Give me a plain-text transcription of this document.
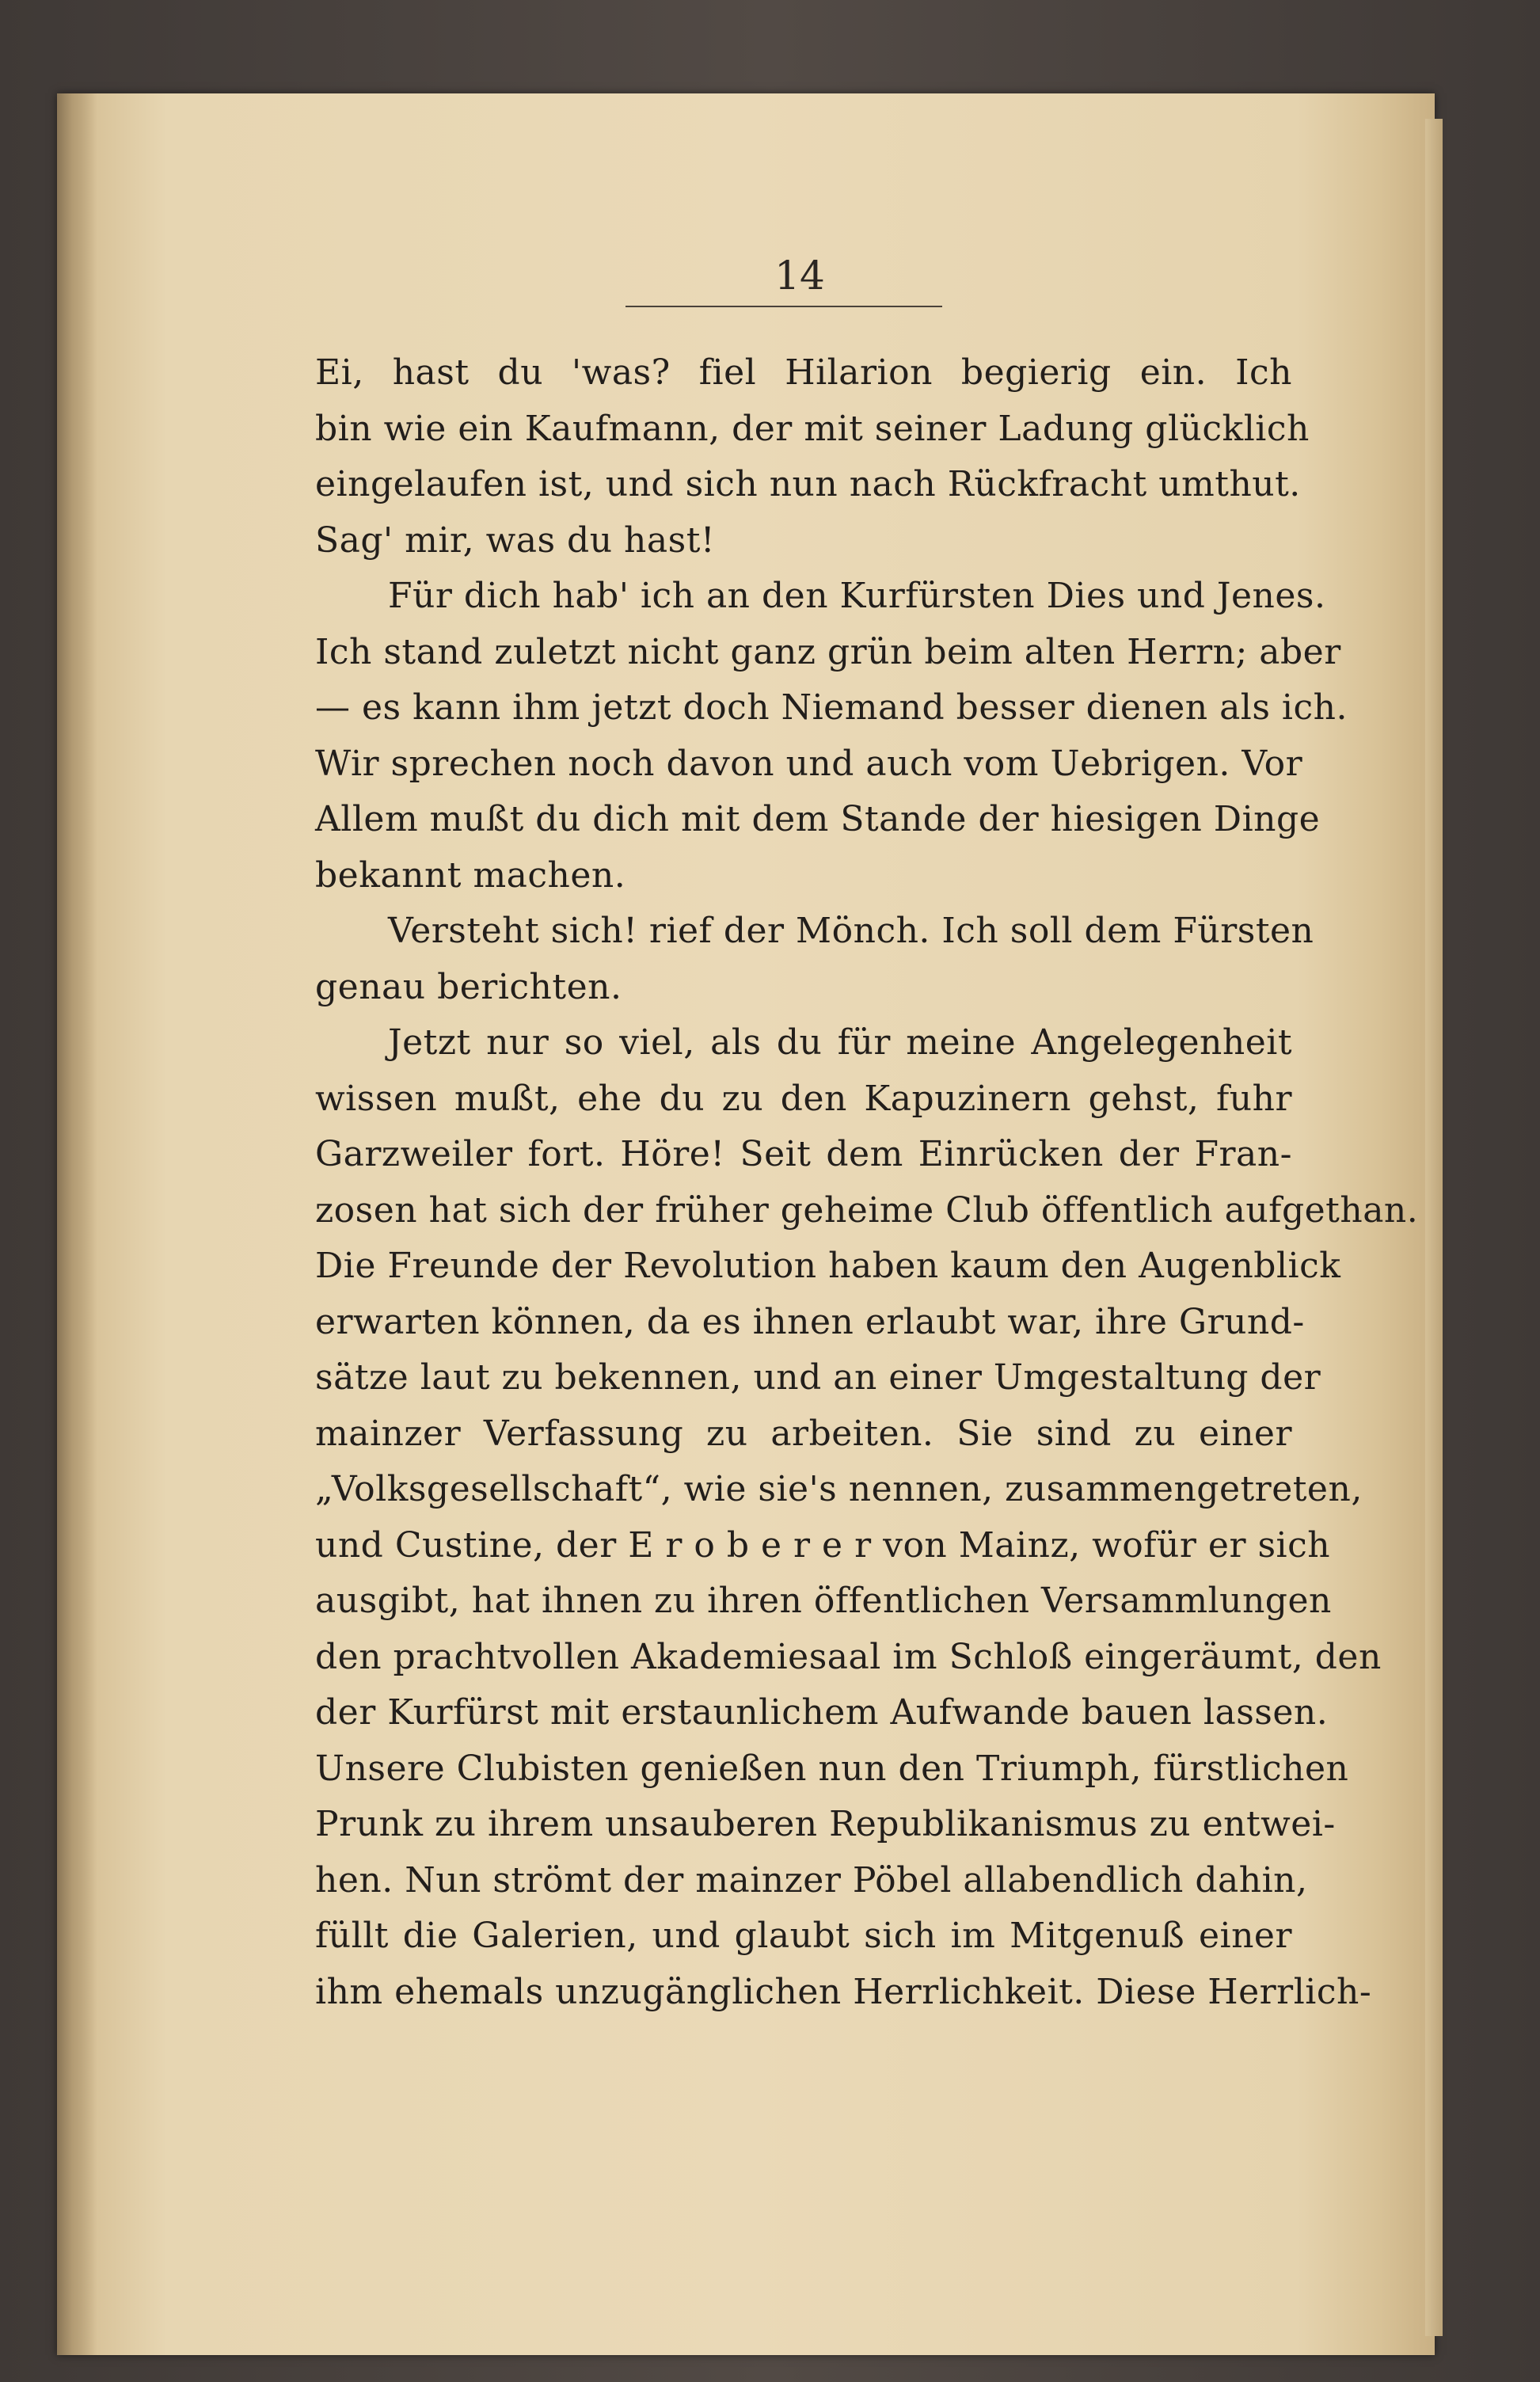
14
Ei, hast du 'was? fiel Hilarion begierig ein. Ich
bin wie ein Kaufmann, der mit seiner Ladung glücklich
eingelaufen ist, und sich nun nach Rückfracht umthut.
Sag' mir, was du hast!
Für dich hab' ich an den Kurfürsten Dies und Jenes.
Ich stand zuletzt nicht ganz grün beim alten Herrn; aber
— es kann ihm jetzt doch Niemand besser dienen als ich.
Wir sprechen noch davon und auch vom Uebrigen. Vor
Allem mußt du dich mit dem Stande der hiesigen Dinge
bekannt machen.
Versteht sich! rief der Mönch. Ich soll dem Fürsten
genau berichten.
Jetzt nur so viel, als du für meine Angelegenheit
wissen mußt, ehe du zu den Kapuzinern gehst, fuhr
Garzweiler fort. Höre! Seit dem Einrücken der Fran-
zosen hat sich der früher geheime Club öffentlich aufgethan.
Die Freunde der Revolution haben kaum den Augenblick
erwarten können, da es ihnen erlaubt war, ihre Grund-
sätze laut zu bekennen, und an einer Umgestaltung der
mainzer Verfassung zu arbeiten. Sie sind zu einer
„Volksgesellschaft“, wie sie's nennen, zusammengetreten,
und Custine, der E r o b e r e r von Mainz, wofür er sich
ausgibt, hat ihnen zu ihren öffentlichen Versammlungen
den prachtvollen Akademiesaal im Schloß eingeräumt, den
der Kurfürst mit erstaunlichem Aufwande bauen lassen.
Unsere Clubisten genießen nun den Triumph, fürstlichen
Prunk zu ihrem unsauberen Republikanismus zu entwei-
hen. Nun strömt der mainzer Pöbel allabendlich dahin,
füllt die Galerien, und glaubt sich im Mitgenuß einer
ihm ehemals unzugänglichen Herrlichkeit. Diese Herrlich-
